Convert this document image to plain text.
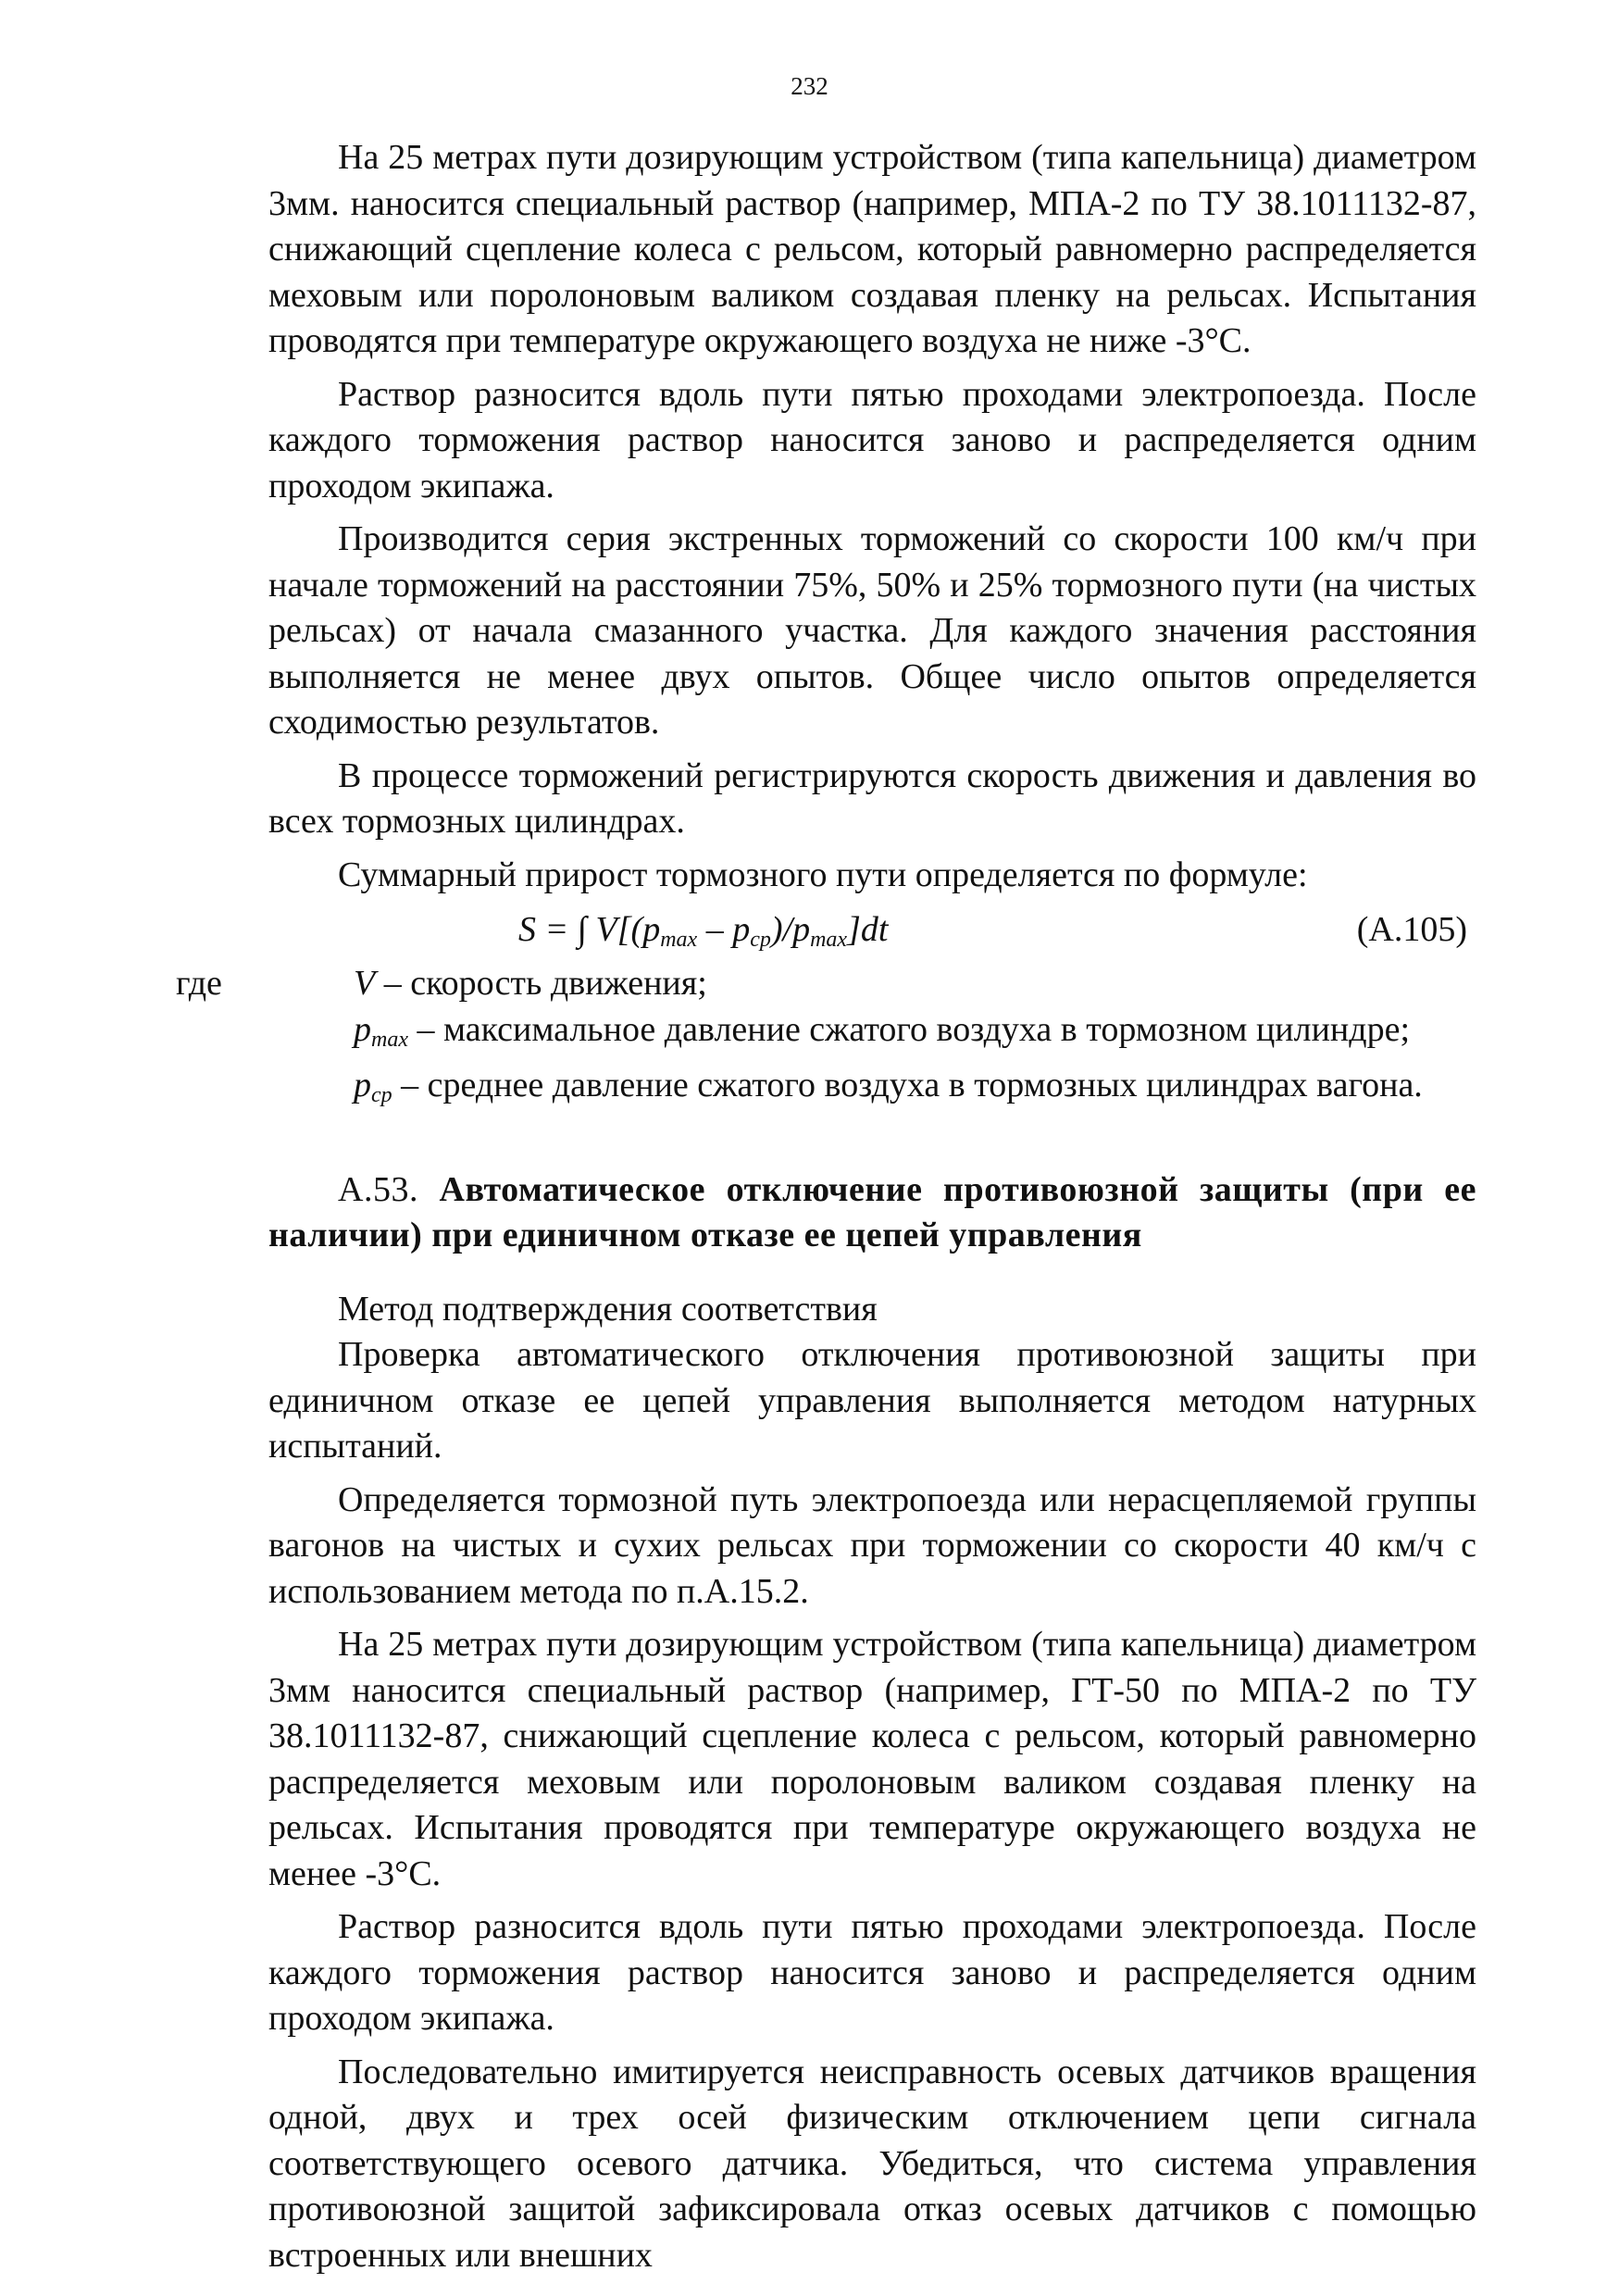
232

На 25 метрах пути дозирующим устройством (типа капельница) диаметром 3мм. наносится специальный раствор (например, МПА-2 по ТУ 38.1011132-87, снижающий сцепление колеса с рельсом, который равномерно распределяется меховым или поролоновым валиком создавая пленку на рельсах. Испытания проводятся при температуре окружающего воздуха не ниже -3°С.

Раствор разносится вдоль пути пятью проходами электропоезда. После каждого торможения раствор наносится заново и распределяется одним проходом экипажа.

Производится серия экстренных торможений со скорости 100 км/ч при начале торможений на расстоянии 75%, 50% и 25% тормозного пути (на чистых рельсах) от начала смазанного участка. Для каждого значения расстояния выполняется не менее двух опытов. Общее число опытов определяется сходимостью результатов.

В процессе торможений регистрируются скорость движения и давления во всех тормозных цилиндрах.

Суммарный прирост тормозного пути определяется по формуле:

S = ∫ $V[(p_{max} - p_{ср})/p_{max}]dt$	(А.105)
где	V – скорость движения;
$p_{max}$ – максимальное давление сжатого воздуха в тормозном цилиндре;
$p_{ср}$ – среднее давление сжатого воздуха в тормозных цилиндрах вагона.

А.53. Автоматическое отключение противоюзной защиты (при ее наличии) при единичном отказе ее цепей управления

Метод подтверждения соответствия

Проверка автоматического отключения противоюзной защиты при единичном отказе ее цепей управления выполняется методом натурных испытаний.

Определяется тормозной путь электропоезда или нерасцепляемой группы вагонов на чистых и сухих рельсах при торможении со скорости 40 км/ч с использованием метода по п.А.15.2.

На 25 метрах пути дозирующим устройством (типа капельница) диаметром 3мм наносится специальный раствор (например, ГТ-50 по МПА-2 по ТУ 38.1011132-87, снижающий сцепление колеса с рельсом, который равномерно распределяется меховым или поролоновым валиком создавая пленку на рельсах. Испытания проводятся при температуре окружающего воздуха не менее -3°С.

Раствор разносится вдоль пути пятью проходами электропоезда. После каждого торможения раствор наносится заново и распределяется одним проходом экипажа.

Последовательно имитируется неисправность осевых датчиков вращения одной, двух и трех осей физическим отключением цепи сигнала соответствующего осевого датчика. Убедиться, что система управления противоюзной защитой зафиксировала отказ осевых датчиков с помощью встроенных или внешних
